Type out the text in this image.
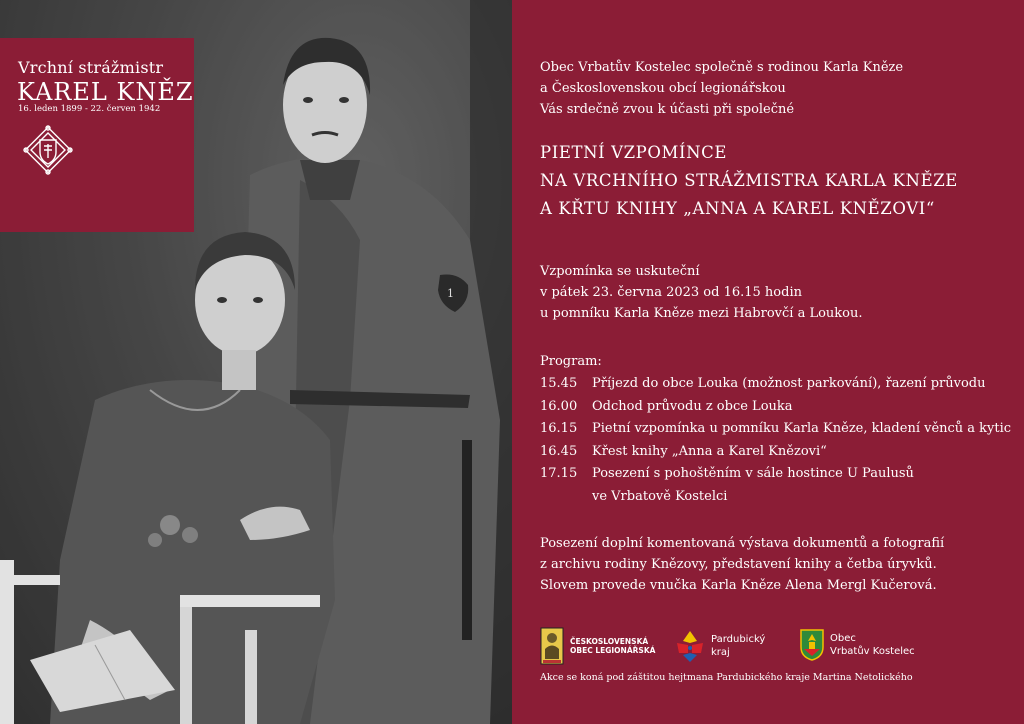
1
Vrchní strážmistr
KAREL KNĚZ
16. leden 1899 - 22. červen 1942
Obec Vrbatův Kostelec společně s rodinou Karla Kněze
a Československou obcí legionářskou
Vás srdečně zvou k účasti při společné
PIETNÍ VZPOMÍNCE
NA VRCHNÍHO STRÁŽMISTRA KARLA KNĚZE
A KŘTU KNIHY „ANNA A KAREL KNĚZOVI“
Vzpomínka se uskuteční
v pátek 23. června 2023 od 16.15 hodin
u pomníku Karla Kněze mezi Habrovčí a Loukou.
Program:
15.45	Příjezd do obce Louka (možnost parkování), řazení průvodu
16.00	Odchod průvodu z obce Louka
16.15	Pietní vzpomínka u pomníku Karla Kněze, kladení věnců a kytic
16.45	Křest knihy „Anna a Karel Knězovi“
17.15	Posezení s pohoštěním v sále hostince U Paulusů
ve Vrbatově Kostelci
Posezení doplní komentovaná výstava dokumentů a fotografií
z archivu rodiny Knězovy, představení knihy a četba úryvků.
Slovem provede vnučka Karla Kněze Alena Mergl Kučerová.
ČESKOSLOVENSKÁ
OBEC LEGIONÁŘSKÁ
Pardubický
kraj
Obec
Vrbatův Kostelec
Akce se koná pod záštitou hejtmana Pardubického kraje Martina Netolického
